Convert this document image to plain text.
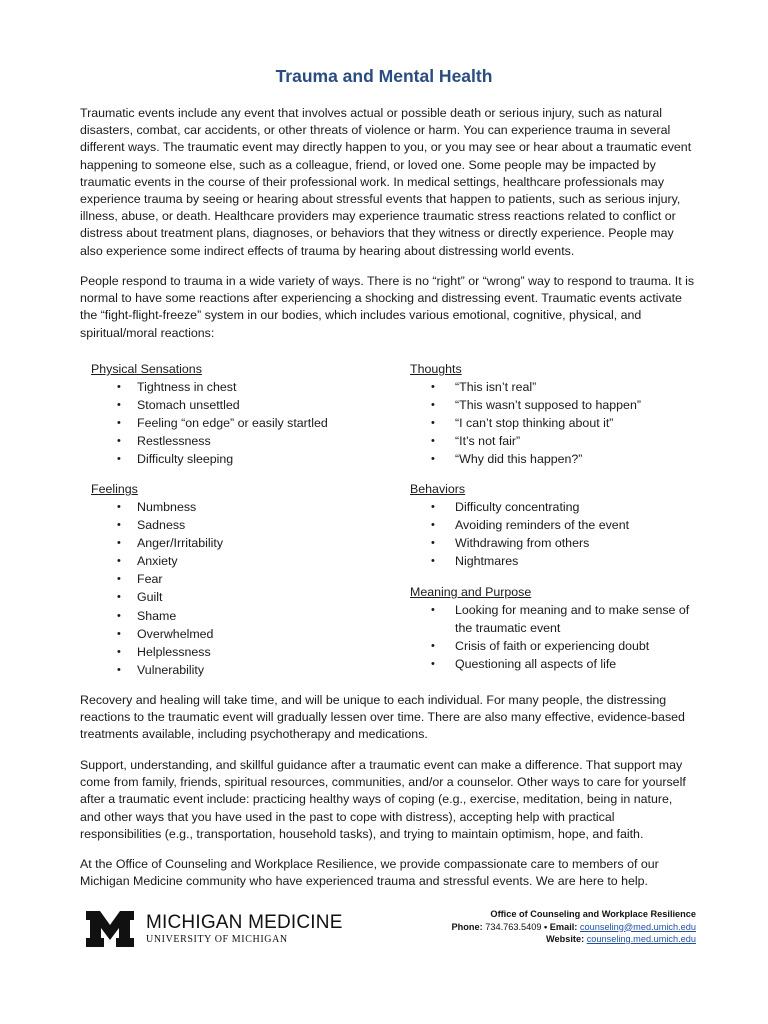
Trauma and Mental Health

Traumatic events include any event that involves actual or possible death or serious injury, such as natural disasters, combat, car accidents, or other threats of violence or harm. You can experience trauma in several different ways. The traumatic event may directly happen to you, or you may see or hear about a traumatic event happening to someone else, such as a colleague, friend, or loved one. Some people may be impacted by traumatic events in the course of their professional work. In medical settings, healthcare professionals may experience trauma by seeing or hearing about stressful events that happen to patients, such as serious injury, illness, abuse, or death. Healthcare providers may experience traumatic stress reactions related to conflict or distress about treatment plans, diagnoses, or behaviors that they witness or directly experience. People may also experience some indirect effects of trauma by hearing about distressing world events.

People respond to trauma in a wide variety of ways. There is no “right” or “wrong” way to respond to trauma. It is normal to have some reactions after experiencing a shocking and distressing event. Traumatic events activate the “fight-flight-freeze” system in our bodies, which includes various emotional, cognitive, physical, and spiritual/moral reactions:

Physical Sensations

• Tightness in chest
• Stomach unsettled
• Feeling “on edge” or easily startled
• Restlessness
• Difficulty sleeping

Feelings

• Numbness
• Sadness
• Anger/Irritability
• Anxiety
• Fear
• Guilt
• Shame
• Overwhelmed
• Helplessness
• Vulnerability

Thoughts

• “This isn’t real”
• “This wasn’t supposed to happen”
• “I can’t stop thinking about it”
• “It’s not fair”
• “Why did this happen?”

Behaviors

• Difficulty concentrating
• Avoiding reminders of the event
• Withdrawing from others
• Nightmares

Meaning and Purpose

• Looking for meaning and to make sense of the traumatic event
• Crisis of faith or experiencing doubt
• Questioning all aspects of life

Recovery and healing will take time, and will be unique to each individual. For many people, the distressing reactions to the traumatic event will gradually lessen over time. There are also many effective, evidence-based treatments available, including psychotherapy and medications.

Support, understanding, and skillful guidance after a traumatic event can make a difference. That support may come from family, friends, spiritual resources, communities, and/or a counselor. Other ways to care for yourself after a traumatic event include: practicing healthy ways of coping (e.g., exercise, meditation, being in nature, and other ways that you have used in the past to cope with distress), accepting help with practical responsibilities (e.g., transportation, household tasks), and trying to maintain optimism, hope, and faith.

At the Office of Counseling and Workplace Resilience, we provide compassionate care to members of our Michigan Medicine community who have experienced trauma and stressful events. We are here to help.

MICHIGAN MEDICINE
UNIVERSITY OF MICHIGAN
Office of Counseling and Workplace Resilience
Phone: 734.763.5409 • Email: counseling@med.umich.edu
Website: counseling.med.umich.edu
